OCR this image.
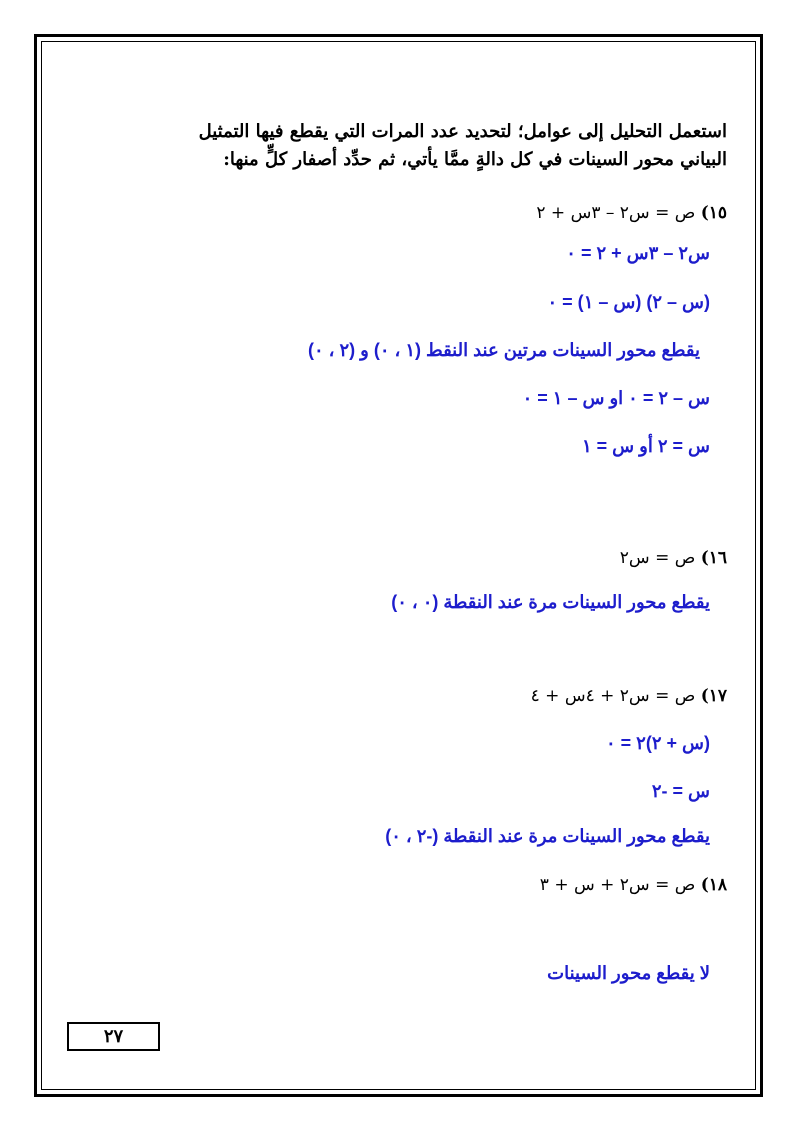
استعمل التحليل إلى عوامل؛ لتحديد عدد المرات التي يقطع فيها التمثيل البياني محور السينات في كل دالةٍ ممَّا يأتي، ثم حدِّد أصفار كلٍّ منها:
١٥) ص = س٢ – ٣س + ٢
س٢ – ٣س + ٢ = ٠
(س – ٢) (س – ١) = ٠
يقطع محور السينات مرتين عند النقط (١ ، ٠) و (٢ ، ٠)
س – ٢ = ٠ او س – ١ = ٠
س = ٢ أو س = ١
١٦) ص = س٢
يقطع محور السينات مرة عند النقطة (٠ ، ٠)
١٧) ص = س٢ + ٤س + ٤
(س + ٢)٢ = ٠
س = -٢
يقطع محور السينات مرة عند النقطة (-٢ ، ٠)
١٨) ص = س٢ + س + ٣
لا يقطع محور السينات
٢٧
